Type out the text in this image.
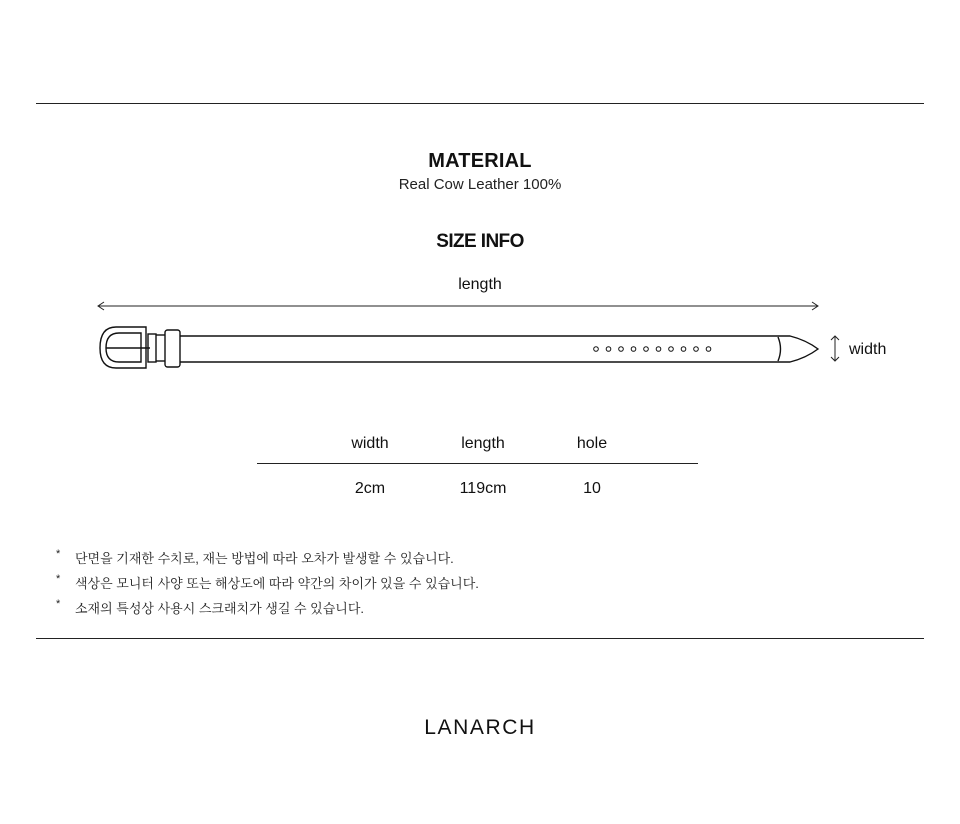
MATERIAL
Real Cow Leather 100%
SIZE INFO
length
width
width	length	hole
2cm	119cm	10
* 단면을 기재한 수치로, 재는 방법에 따라 오차가 발생할 수 있습니다.
* 색상은 모니터 사양 또는 해상도에 따라 약간의 차이가 있을 수 있습니다.
* 소재의 특성상 사용시 스크래치가 생길 수 있습니다.
LANARCH
